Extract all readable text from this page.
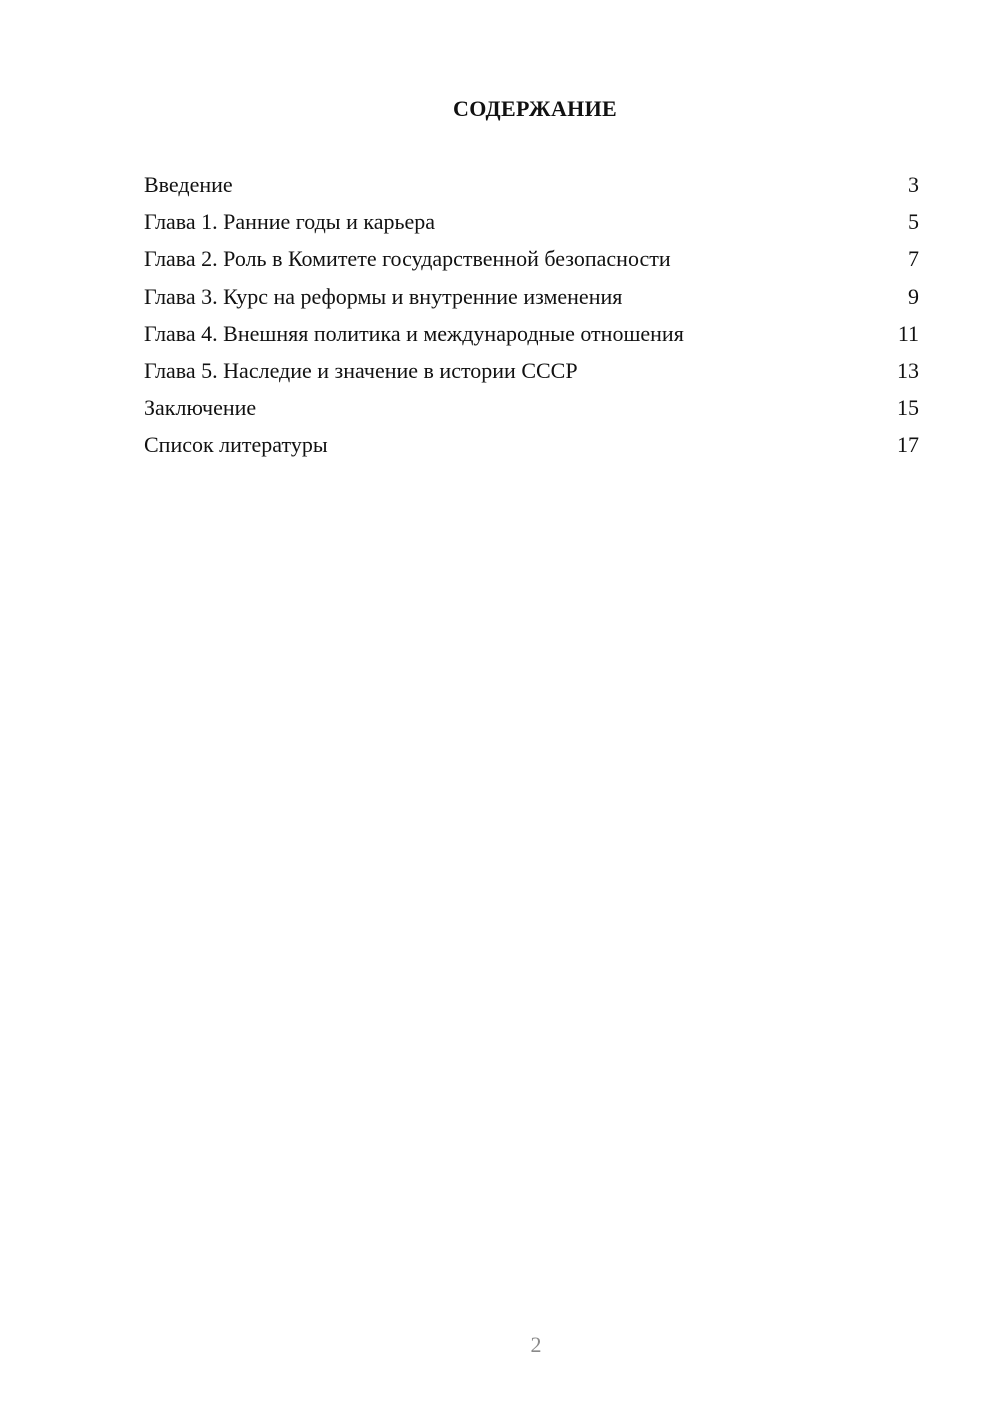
СОДЕРЖАНИЕ
Введение	3
Глава 1. Ранние годы и карьера	5
Глава 2. Роль в Комитете государственной безопасности	7
Глава 3. Курс на реформы и внутренние изменения	9
Глава 4. Внешняя политика и международные отношения	11
Глава 5. Наследие и значение в истории СССР	13
Заключение	15
Список литературы	17
2
